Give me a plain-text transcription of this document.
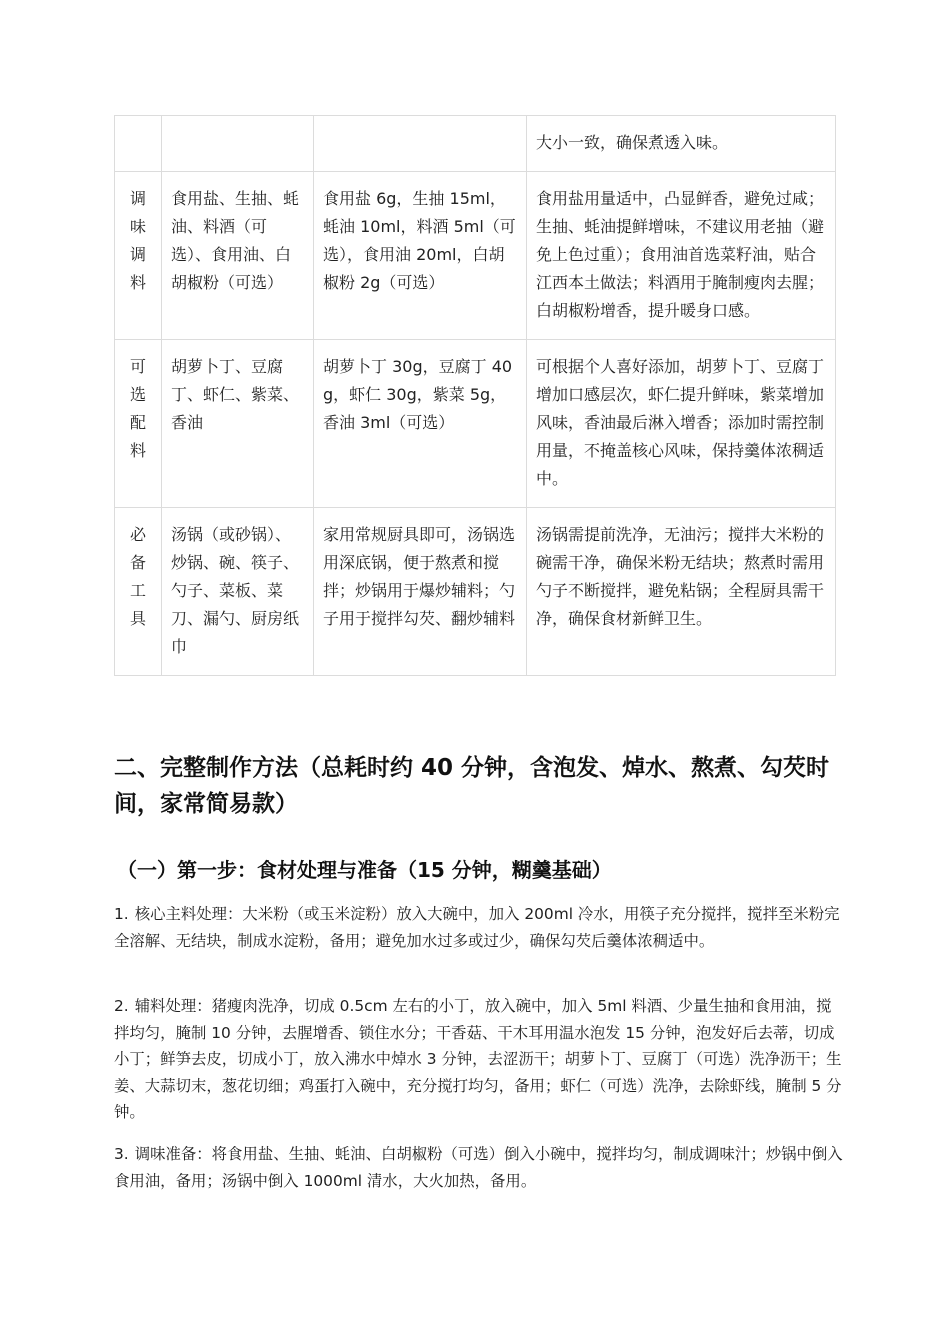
			大小一致，确保煮透入味。
调味调料	食用盐、生抽、蚝油、料酒（可选）、食用油、白胡椒粉（可选）	食用盐 6g，生抽 15ml，蚝油 10ml，料酒 5ml（可选），食用油 20ml，白胡椒粉 2g（可选）	食用盐用量适中，凸显鲜香，避免过咸；生抽、蚝油提鲜增味，不建议用老抽（避免上色过重）；食用油首选菜籽油，贴合江西本土做法；料酒用于腌制瘦肉去腥；白胡椒粉增香，提升暖身口感。
可选配料	胡萝卜丁、豆腐丁、虾仁、紫菜、香油	胡萝卜丁 30g，豆腐丁 40g，虾仁 30g，紫菜 5g，香油 3ml（可选）	可根据个人喜好添加，胡萝卜丁、豆腐丁增加口感层次，虾仁提升鲜味，紫菜增加风味，香油最后淋入增香；添加时需控制用量，不掩盖核心风味，保持羹体浓稠适中。
必备工具	汤锅（或砂锅）、炒锅、碗、筷子、勺子、菜板、菜刀、漏勺、厨房纸巾	家用常规厨具即可，汤锅选用深底锅，便于熬煮和搅拌；炒锅用于爆炒辅料；勺子用于搅拌勾芡、翻炒辅料	汤锅需提前洗净，无油污；搅拌大米粉的碗需干净，确保米粉无结块；熬煮时需用勺子不断搅拌，避免粘锅；全程厨具需干净，确保食材新鲜卫生。
二、完整制作方法（总耗时约 40 分钟，含泡发、焯水、熬煮、勾芡时间，家常简易款）
（一）第一步：食材处理与准备（15 分钟，糊羹基础）

1. 核心主料处理：大米粉（或玉米淀粉）放入大碗中，加入 200ml 冷水，用筷子充分搅拌，搅拌至米粉完全溶解、无结块，制成水淀粉，备用；避免加水过多或过少，确保勾芡后羹体浓稠适中。

2. 辅料处理：猪瘦肉洗净，切成 0.5cm 左右的小丁，放入碗中，加入 5ml 料酒、少量生抽和食用油，搅拌均匀，腌制 10 分钟，去腥增香、锁住水分；干香菇、干木耳用温水泡发 15 分钟，泡发好后去蒂，切成小丁；鲜笋去皮，切成小丁，放入沸水中焯水 3 分钟，去涩沥干；胡萝卜丁、豆腐丁（可选）洗净沥干；生姜、大蒜切末，葱花切细；鸡蛋打入碗中，充分搅打均匀，备用；虾仁（可选）洗净，去除虾线，腌制 5 分钟。

3. 调味准备：将食用盐、生抽、蚝油、白胡椒粉（可选）倒入小碗中，搅拌均匀，制成调味汁；炒锅中倒入食用油，备用；汤锅中倒入 1000ml 清水，大火加热，备用。
